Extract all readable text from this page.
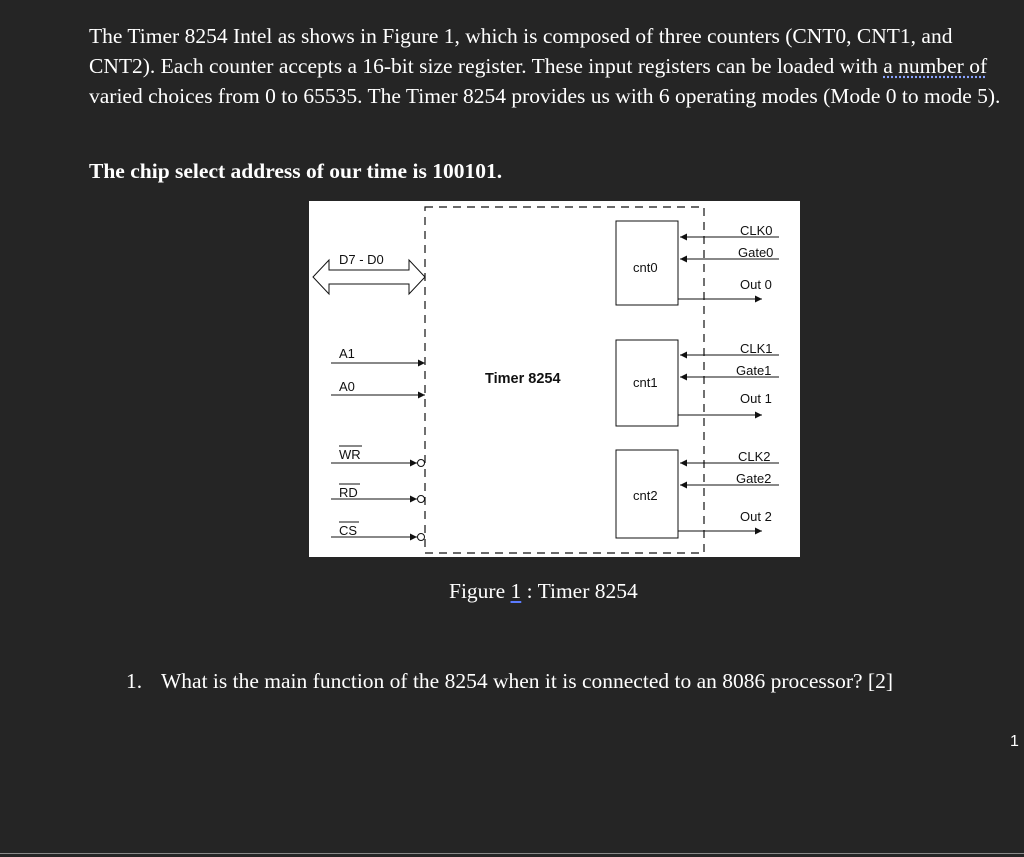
The Timer 8254 Intel as shows in Figure 1, which is composed of three counters (CNT0, CNT1, and CNT2). Each counter accepts a 16-bit size register. These input registers can be loaded with a number of varied choices from 0 to 65535. The Timer 8254 provides us with 6 operating modes (Mode 0 to mode 5).
The chip select address of our time is 100101.
D7 - D0
A1
A0
WR
RD
CS
Timer 8254
cnt0
CLK0
Gate0
Out 0
cnt1
CLK1
Gate1
Out 1
cnt2
CLK2
Gate2
Out 2
Figure 1 : Timer 8254
1. What is the main function of the 8254 when it is connected to an 8086 processor? [2]
1
